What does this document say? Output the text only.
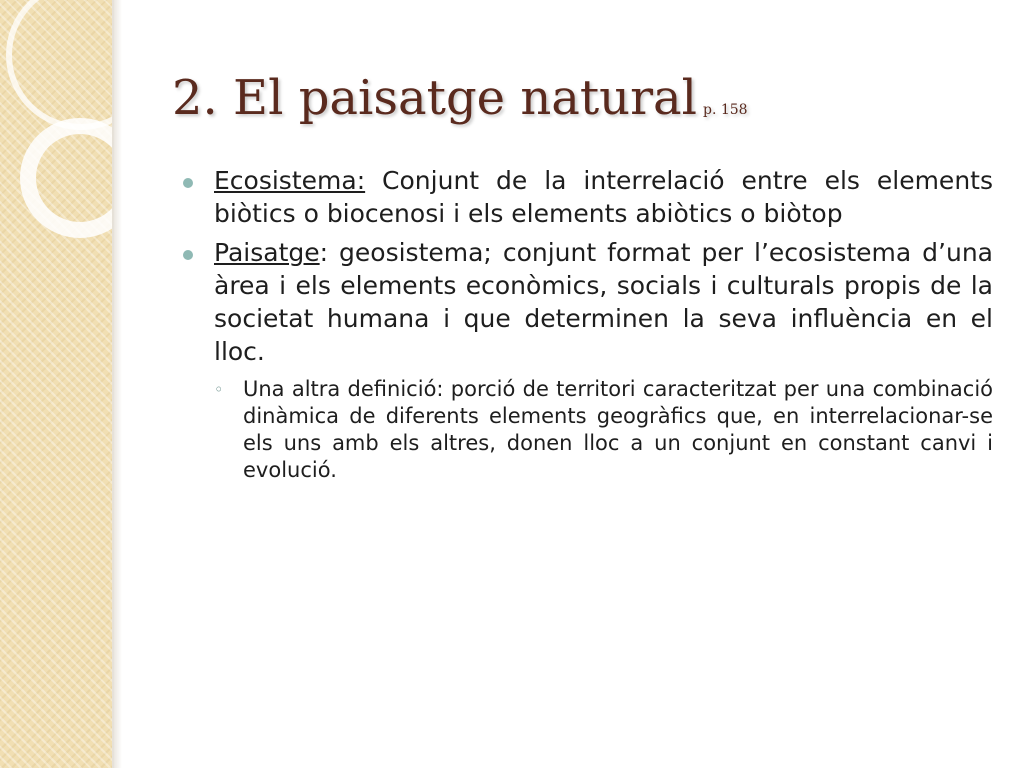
2. El paisatge natural p. 158
Ecosistema: Conjunt de la interrelació entre els elements biòtics o biocenosi i els elements abiòtics o biòtop
Paisatge: geosistema; conjunt format per l’ecosistema d’una àrea i els elements econòmics, socials i culturals propis de la societat humana i que determinen la seva influència en el lloc.
◦ Una altra definició: porció de territori caracteritzat per una combinació dinàmica de diferents elements geogràfics que, en interrelacionar-se els uns amb els altres, donen lloc a un conjunt en constant canvi i evolució.
